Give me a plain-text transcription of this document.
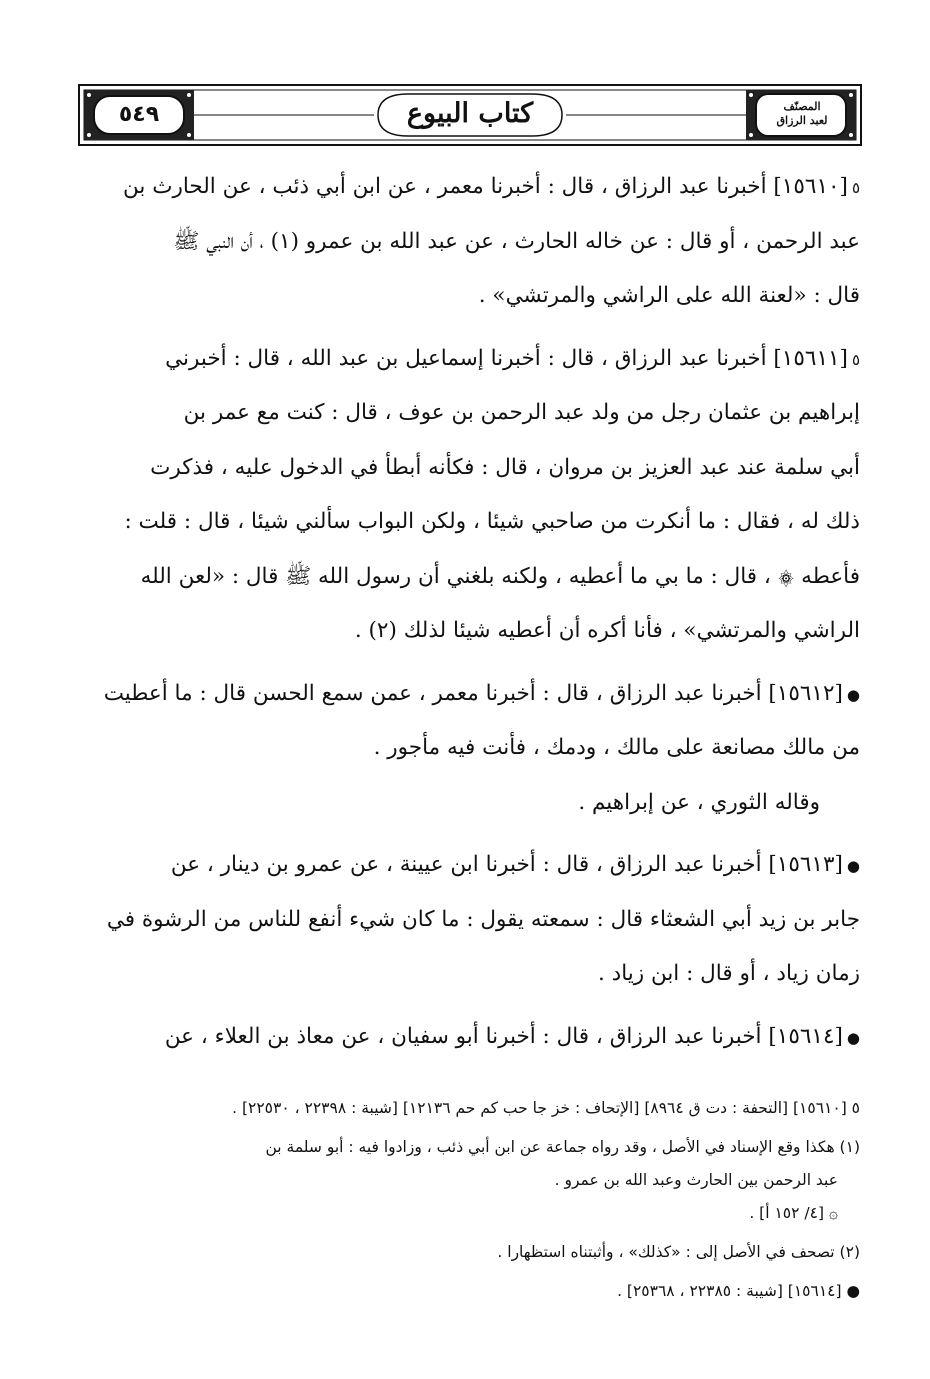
٥٤٩	كتاب البيوع	المصنّف
لعبد الرزاق
٥[١٥٦١٠] أخبرنا عبد الرزاق ، قال : أخبرنا معمر ، عن ابن أبي ذئب ، عن الحارث بن
عبد الرحمن ، أو قال : عن خاله الحارث ، عن عبد الله بن عمرو (١) ، أن النبي ﷺ
قال : «لعنة الله على الراشي والمرتشي» .
٥[١٥٦١١] أخبرنا عبد الرزاق ، قال : أخبرنا إسماعيل بن عبد الله ، قال : أخبرني
إبراهيم بن عثمان رجل من ولد عبد الرحمن بن عوف ، قال : كنت مع عمر بن
أبي سلمة عند عبد العزيز بن مروان ، قال : فكأنه أبطأ في الدخول عليه ، فذكرت
ذلك له ، فقال : ما أنكرت من صاحبي شيئا ، ولكن البواب سألني شيئا ، قال : قلت :
فأعطه ۞ ، قال : ما بي ما أعطيه ، ولكنه بلغني أن رسول الله ﷺ قال : «لعن الله
الراشي والمرتشي» ، فأنا أكره أن أعطيه شيئا لذلك (٢) .
●[١٥٦١٢] أخبرنا عبد الرزاق ، قال : أخبرنا معمر ، عمن سمع الحسن قال : ما أعطيت
من مالك مصانعة على مالك ، ودمك ، فأنت فيه مأجور .
وقاله الثوري ، عن إبراهيم .
●[١٥٦١٣] أخبرنا عبد الرزاق ، قال : أخبرنا ابن عيينة ، عن عمرو بن دينار ، عن
جابر بن زيد أبي الشعثاء قال : سمعته يقول : ما كان شيء أنفع للناس من الرشوة في
زمان زياد ، أو قال : ابن زياد .
●[١٥٦١٤] أخبرنا عبد الرزاق ، قال : أخبرنا أبو سفيان ، عن معاذ بن العلاء ، عن
٥ [١٥٦١٠] [التحفة : دت ق ٨٩٦٤] [الإتحاف : خز جا حب كم حم ١٢١٣٦] [شيبة : ٢٢٣٩٨ ، ٢٢٥٣٠] .
(١) هكذا وقع الإسناد في الأصل ، وقد رواه جماعة عن ابن أبي ذئب ، وزادوا فيه : أبو سلمة بن
عبد الرحمن بين الحارث وعبد الله بن عمرو .
۞ [٤/ ١٥٢ أ] .
(٢) تصحف في الأصل إلى : «كذلك» ، وأثبتناه استظهارا .
● [١٥٦١٤] [شيبة : ٢٢٣٨٥ ، ٢٥٣٦٨] .
